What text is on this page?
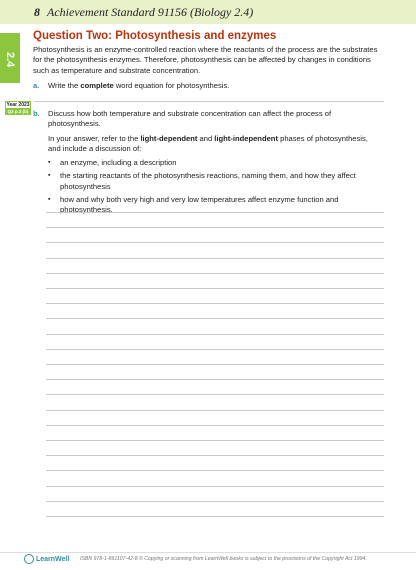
8 Achievement Standard 91156 (Biology 2.4)
2.4
Question Two: Photosynthesis and enzymes

Photosynthesis is an enzyme-controlled reaction where the reactants of the process are the substrates for the photosynthesis enzymes. Therefore, photosynthesis can be affected by changes in conditions such as temperature and substrate concentration.

a. Write the complete word equation for photosynthesis.
Year 2023
Q2 p.3 (b) b. Discuss how both temperature and substrate concentration can affect the process of photosynthesis.

In your answer, refer to the light-dependent and light-independent phases of photosynthesis, and include a discussion of:

▪ an enzyme, including a description
▪ the starting reactants of the photosynthesis reactions, naming them, and how they affect photosynthesis
▪ how and why both very high and very low temperatures affect enzyme function and photosynthesis.
LearnWell ISBN 978-1-991107-42-8 © Copying or scanning from LearnWell books is subject to the provisions of the Copyright Act 1994.
